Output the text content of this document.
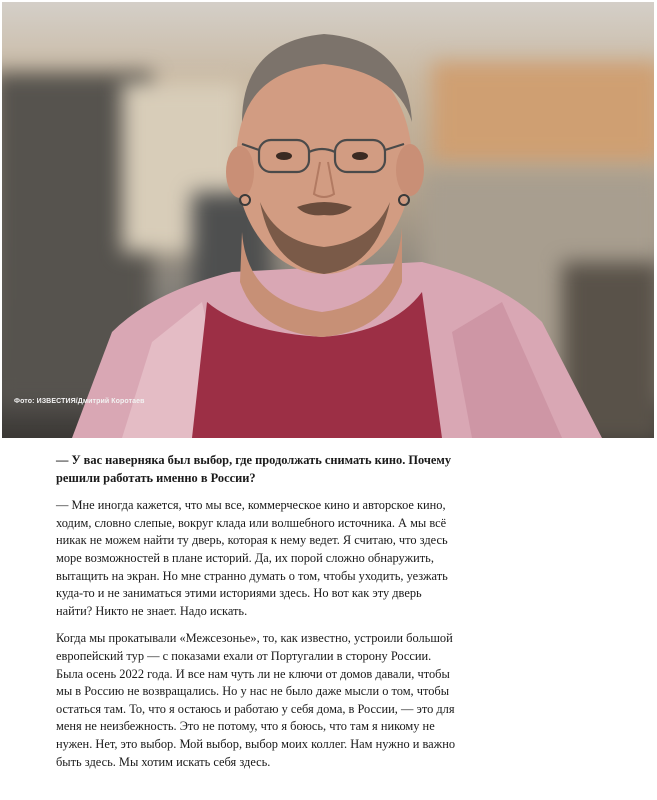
Фото: ИЗВЕСТИЯ/Дмитрий Коротаев

— У вас наверняка был выбор, где продолжать снимать кино. Почему решили работать именно в России?

— Мне иногда кажется, что мы все, коммерческое кино и авторское кино, ходим, словно слепые, вокруг клада или волшебного источника. А мы всё никак не можем найти ту дверь, которая к нему ведет. Я считаю, что здесь море возможностей в плане историй. Да, их порой сложно обнаружить, вытащить на экран. Но мне странно думать о том, чтобы уходить, уезжать куда-то и не заниматься этими историями здесь. Но вот как эту дверь найти? Никто не знает. Надо искать.

Когда мы прокатывали «Межсезонье», то, как известно, устроили большой европейский тур — с показами ехали от Португалии в сторону России. Была осень 2022 года. И все нам чуть ли не ключи от домов давали, чтобы мы в Россию не возвращались. Но у нас не было даже мысли о том, чтобы остаться там. То, что я остаюсь и работаю у себя дома, в России, — это для меня не неизбежность. Это не потому, что я боюсь, что там я никому не нужен. Нет, это выбор. Мой выбор, выбор моих коллег. Нам нужно и важно быть здесь. Мы хотим искать себя здесь.
